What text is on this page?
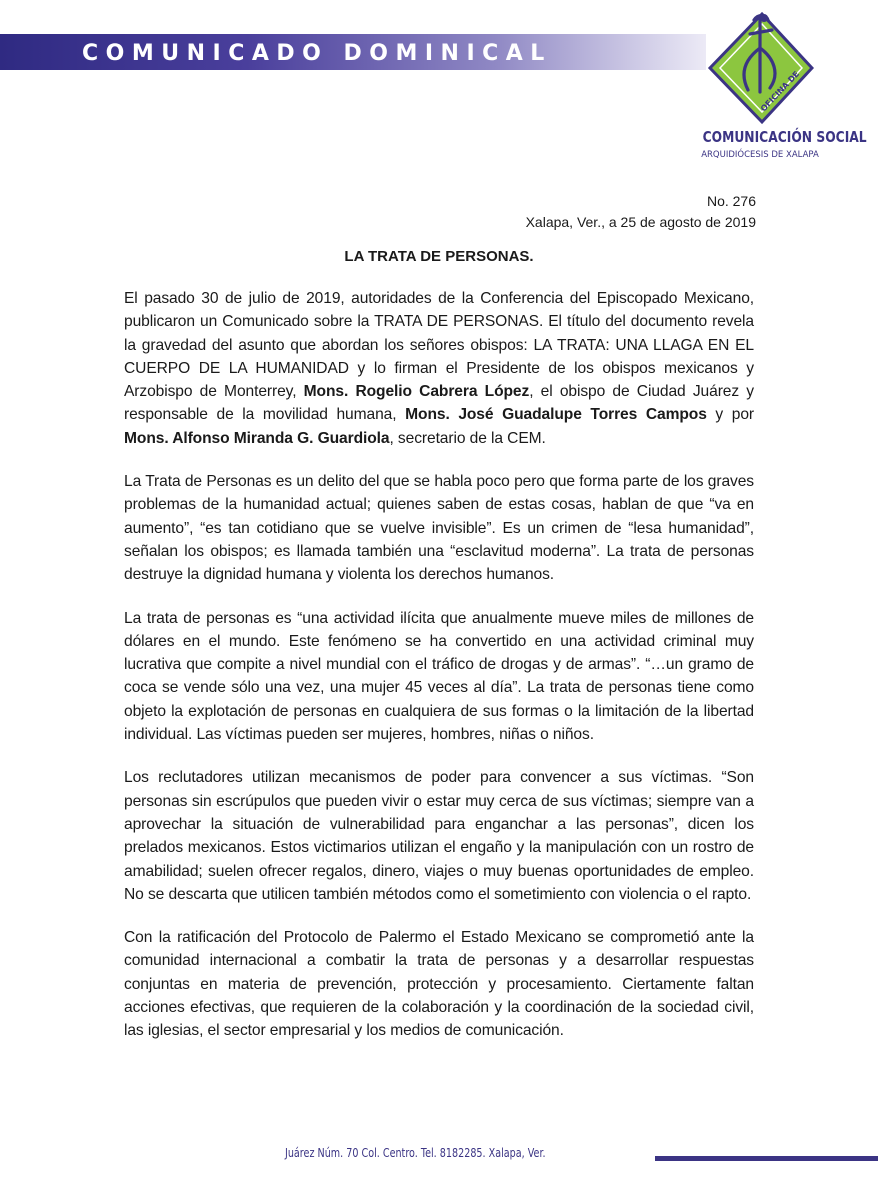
COMUNICADO DOMINICAL
OFICINA DE
COMUNICACIÓN SOCIAL
ARQUIDIÓCESIS DE XALAPA
No. 276
Xalapa, Ver., a 25 de agosto de 2019
LA TRATA DE PERSONAS.

El pasado 30 de julio de 2019, autoridades de la Conferencia del Episcopado Mexicano, publicaron un Comunicado sobre la TRATA DE PERSONAS. El título del documento revela la gravedad del asunto que abordan los señores obispos: LA TRATA: UNA LLAGA EN EL CUERPO DE LA HUMANIDAD y lo firman el Presidente de los obispos mexicanos y Arzobispo de Monterrey, Mons. Rogelio Cabrera López, el obispo de Ciudad Juárez y responsable de la movilidad humana, Mons. José Guadalupe Torres Campos y por Mons. Alfonso Miranda G. Guardiola, secretario de la CEM.

La Trata de Personas es un delito del que se habla poco pero que forma parte de los graves problemas de la humanidad actual; quienes saben de estas cosas, hablan de que “va en aumento”, “es tan cotidiano que se vuelve invisible”. Es un crimen de “lesa humanidad”, señalan los obispos; es llamada también una “esclavitud moderna”. La trata de personas destruye la dignidad humana y violenta los derechos humanos.

La trata de personas es “una actividad ilícita que anualmente mueve miles de millones de dólares en el mundo. Este fenómeno se ha convertido en una actividad criminal muy lucrativa que compite a nivel mundial con el tráfico de drogas y de armas”. “…un gramo de coca se vende sólo una vez, una mujer 45 veces al día”. La trata de personas tiene como objeto la explotación de personas en cualquiera de sus formas o la limitación de la libertad individual. Las víctimas pueden ser mujeres, hombres, niñas o niños.

Los reclutadores utilizan mecanismos de poder para convencer a sus víctimas. “Son personas sin escrúpulos que pueden vivir o estar muy cerca de sus víctimas; siempre van a aprovechar la situación de vulnerabilidad para enganchar a las personas”, dicen los prelados mexicanos. Estos victimarios utilizan el engaño y la manipulación con un rostro de amabilidad; suelen ofrecer regalos, dinero, viajes o muy buenas oportunidades de empleo. No se descarta que utilicen también métodos como el sometimiento con violencia o el rapto.

Con la ratificación del Protocolo de Palermo el Estado Mexicano se comprometió ante la comunidad internacional a combatir la trata de personas y a desarrollar respuestas conjuntas en materia de prevención, protección y procesamiento. Ciertamente faltan acciones efectivas, que requieren de la colaboración y la coordinación de la sociedad civil, las iglesias, el sector empresarial y los medios de comunicación.

Juárez Núm. 70 Col. Centro. Tel. 8182285. Xalapa, Ver.
